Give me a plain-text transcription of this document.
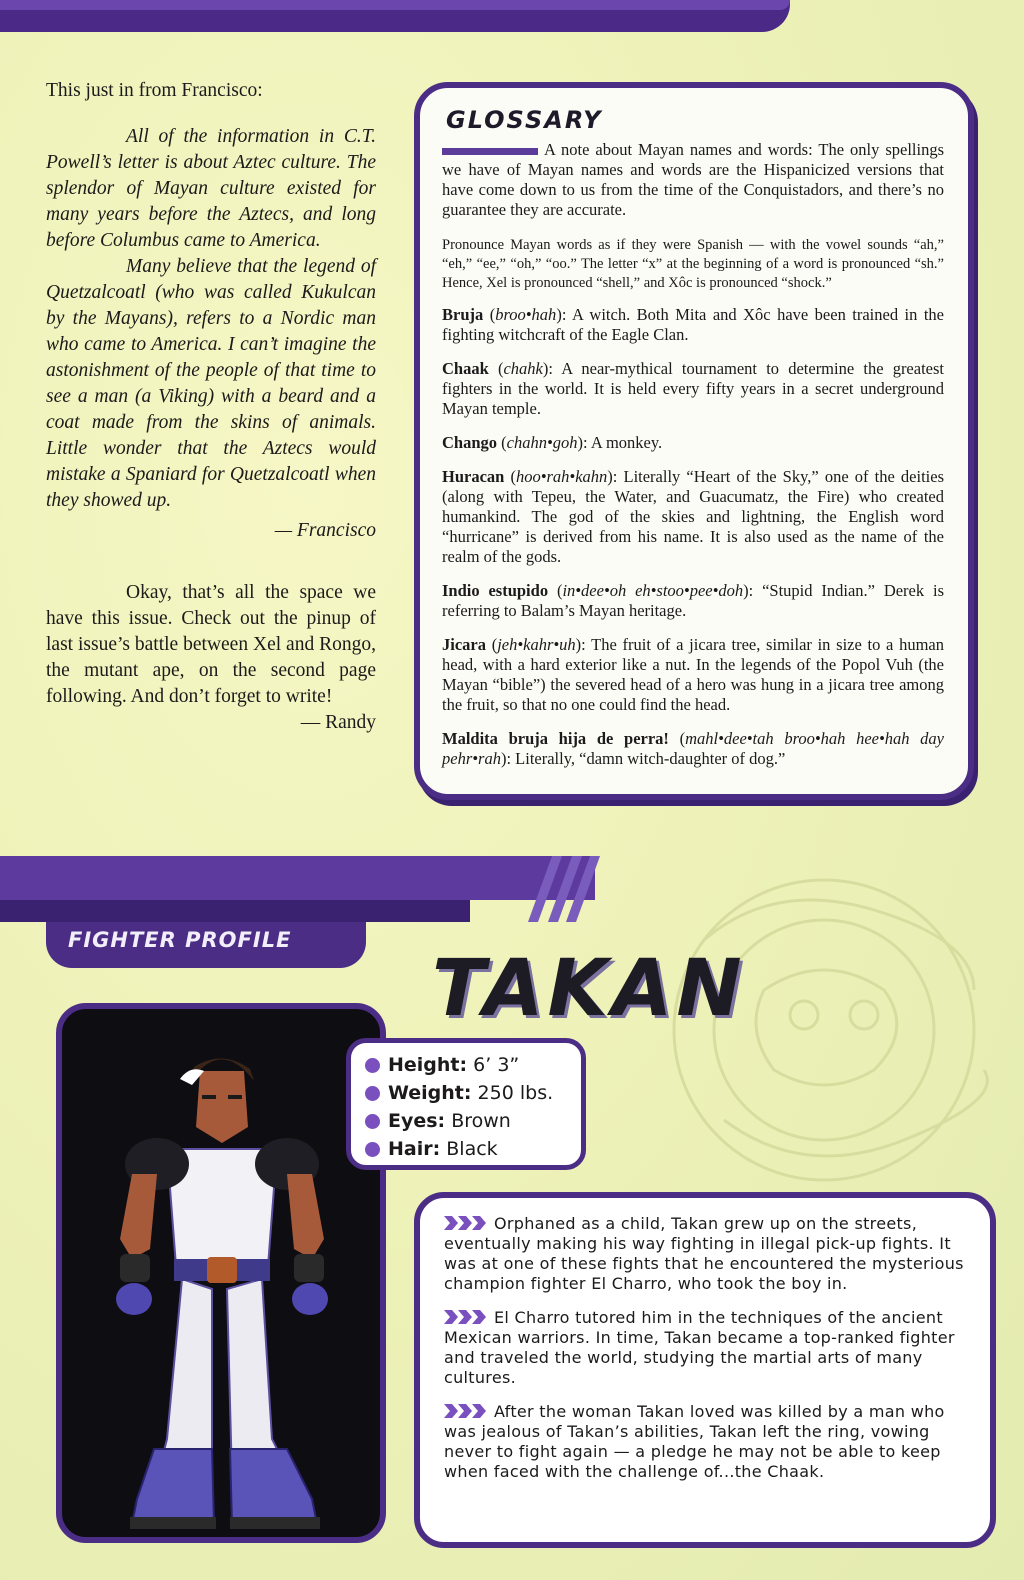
This just in from Francisco:

All of the information in C.T. Powell’s letter is about Aztec culture. The splendor of Mayan culture existed for many years before the Aztecs, and long before Columbus came to America.

Many believe that the legend of Quetzalcoatl (who was called Kukulcan by the Mayans), refers to a Nordic man who came to America. I can’t imagine the astonishment of the people of that time to see a man (a Viking) with a beard and a coat made from the skins of animals. Little wonder that the Aztecs would mistake a Spaniard for Quetzalcoatl when they showed up.

— Francisco

Okay, that’s all the space we have this issue. Check out the pinup of last issue’s battle between Xel and Rongo, the mutant ape, on the second page following. And don’t forget to write!

— Randy

GLOSSARY

A note about Mayan names and words: The only spellings we have of Mayan names and words are the Hispanicized versions that have come down to us from the time of the Conquistadors, and there’s no guarantee they are accurate.

Pronounce Mayan words as if they were Spanish — with the vowel sounds “ah,” “eh,” “ee,” “oh,” “oo.” The letter “x” at the beginning of a word is pronounced “sh.” Hence, Xel is pronounced “shell,” and Xôc is pronounced “shock.”

Bruja (broo•hah): A witch. Both Mita and Xôc have been trained in the fighting witchcraft of the Eagle Clan.

Chaak (chahk): A near-mythical tournament to determine the greatest fighters in the world. It is held every fifty years in a secret underground Mayan temple.

Chango (chahn•goh): A monkey.

Huracan (hoo•rah•kahn): Literally “Heart of the Sky,” one of the deities (along with Tepeu, the Water, and Guacumatz, the Fire) who created humankind. The god of the skies and lightning, the English word “hurricane” is derived from his name. It is also used as the name of the realm of the gods.

Indio estupido (in•dee•oh eh•stoo•pee•doh): “Stupid Indian.” Derek is referring to Balam’s Mayan heritage.

Jicara (jeh•kahr•uh): The fruit of a jicara tree, similar in size to a human head, with a hard exterior like a nut. In the legends of the Popol Vuh (the Mayan “bible”) the severed head of a hero was hung in a jicara tree among the fruit, so that no one could find the head.

Maldita bruja hija de perra! (mahl•dee•tah broo•hah hee•hah day pehr•rah): Literally, “damn witch-daughter of dog.”

FIGHTER PROFILE
TAKAN
Height: 6’ 3”
Weight: 250 lbs.
Eyes: Brown
Hair: Black

Orphaned as a child, Takan grew up on the streets, eventually making his way fighting in illegal pick-up fights. It was at one of these fights that he encountered the mysterious champion fighter El Charro, who took the boy in.

El Charro tutored him in the techniques of the ancient Mexican warriors. In time, Takan became a top-ranked fighter and traveled the world, studying the martial arts of many cultures.

After the woman Takan loved was killed by a man who was jealous of Takan’s abilities, Takan left the ring, vowing never to fight again — a pledge he may not be able to keep when faced with the challenge of...the Chaak.
